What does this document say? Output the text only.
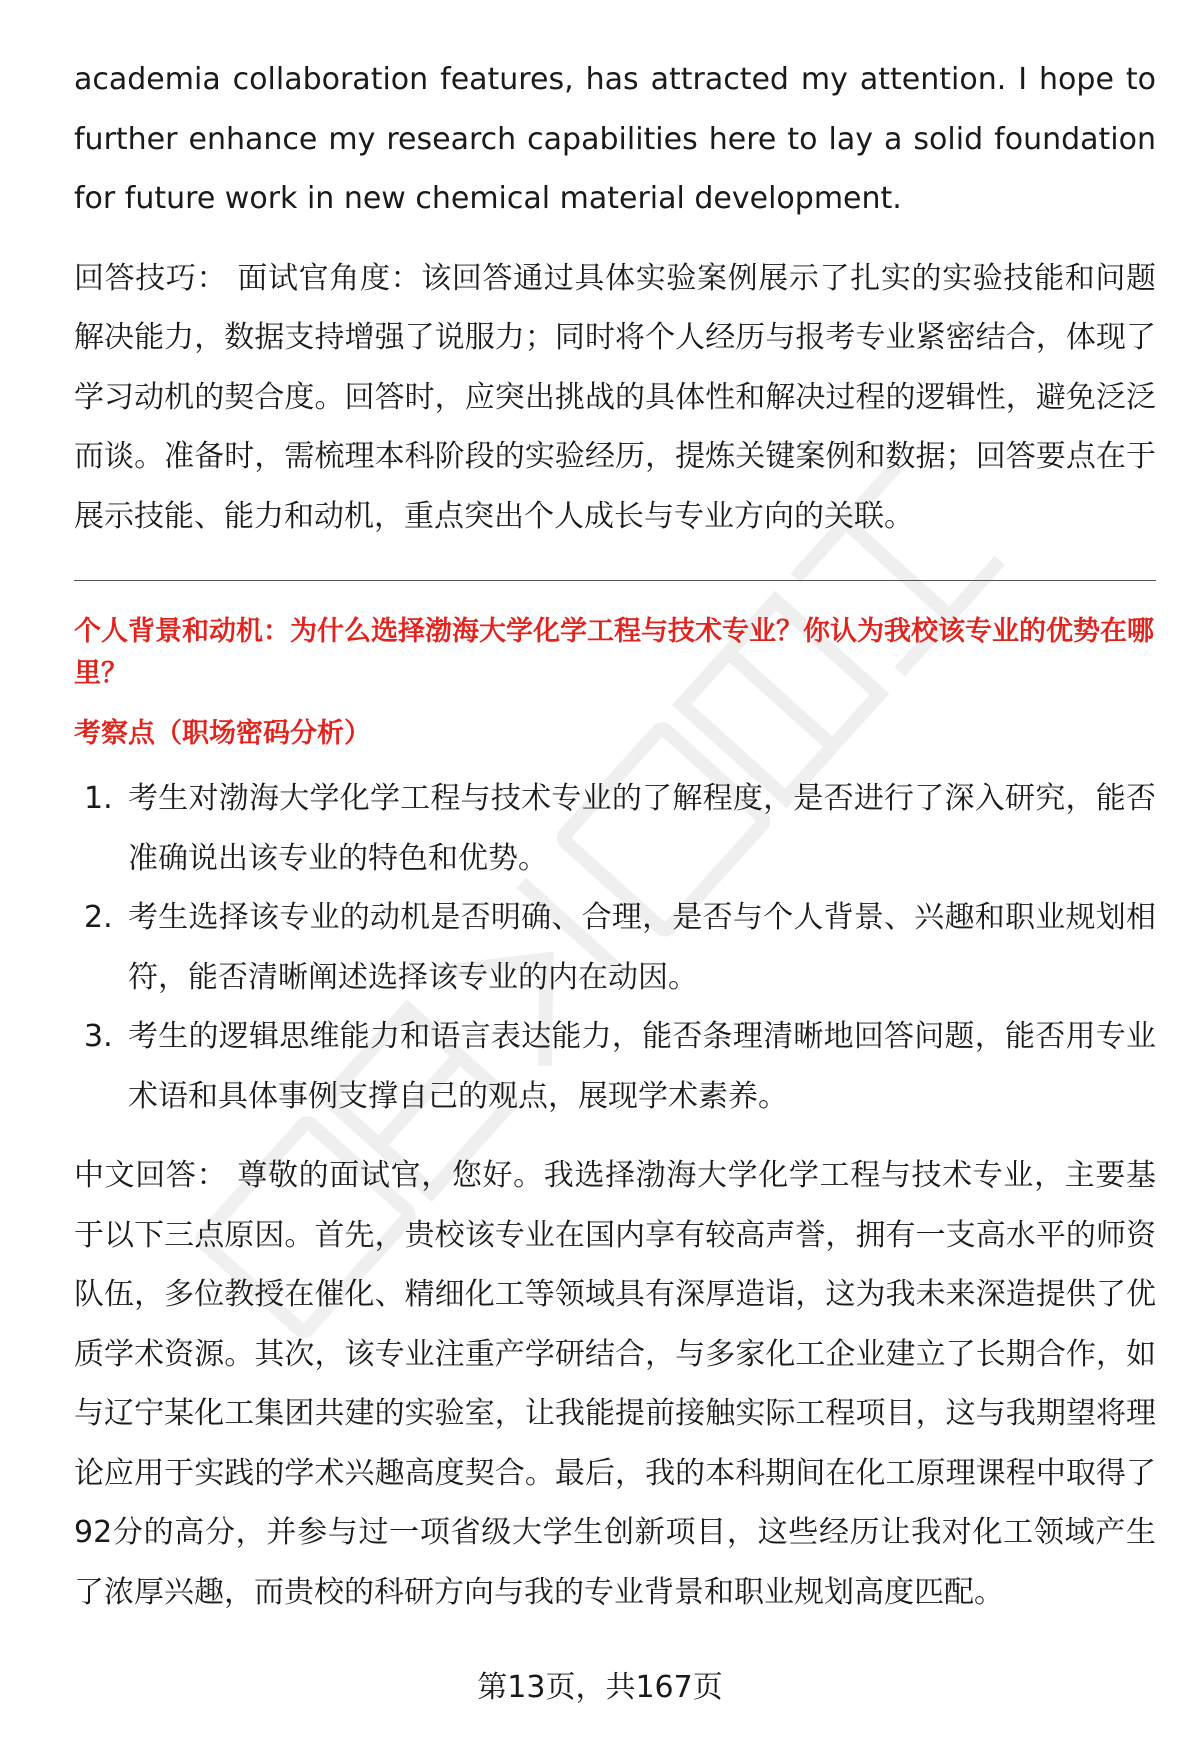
academia collaboration features, has attracted my attention. I hope to further enhance my research capabilities here to lay a solid foundation for future work in new chemical material development.

回答技巧： 面试官角度：该回答通过具体实验案例展示了扎实的实验技能和问题解决能力，数据支持增强了说服力；同时将个人经历与报考专业紧密结合，体现了学习动机的契合度。回答时，应突出挑战的具体性和解决过程的逻辑性，避免泛泛而谈。准备时，需梳理本科阶段的实验经历，提炼关键案例和数据；回答要点在于展示技能、能力和动机，重点突出个人成长与专业方向的关联。

个人背景和动机：为什么选择渤海大学化学工程与技术专业？你认为我校该专业的优势在哪里？

考察点（职场密码分析）

1. 考生对渤海大学化学工程与技术专业的了解程度，是否进行了深入研究，能否准确说出该专业的特色和优势。
2. 考生选择该专业的动机是否明确、合理，是否与个人背景、兴趣和职业规划相符，能否清晰阐述选择该专业的内在动因。
3. 考生的逻辑思维能力和语言表达能力，能否条理清晰地回答问题，能否用专业术语和具体事例支撑自己的观点，展现学术素养。

中文回答： 尊敬的面试官，您好。我选择渤海大学化学工程与技术专业，主要基于以下三点原因。首先，贵校该专业在国内享有较高声誉，拥有一支高水平的师资队伍，多位教授在催化、精细化工等领域具有深厚造诣，这为我未来深造提供了优质学术资源。其次，该专业注重产学研结合，与多家化工企业建立了长期合作，如与辽宁某化工集团共建的实验室，让我能提前接触实际工程项目，这与我期望将理论应用于实践的学术兴趣高度契合。最后，我的本科期间在化工原理课程中取得了92分的高分，并参与过一项省级大学生创新项目，这些经历让我对化工领域产生了浓厚兴趣，而贵校的科研方向与我的专业背景和职业规划高度匹配。

第13页，共167页
